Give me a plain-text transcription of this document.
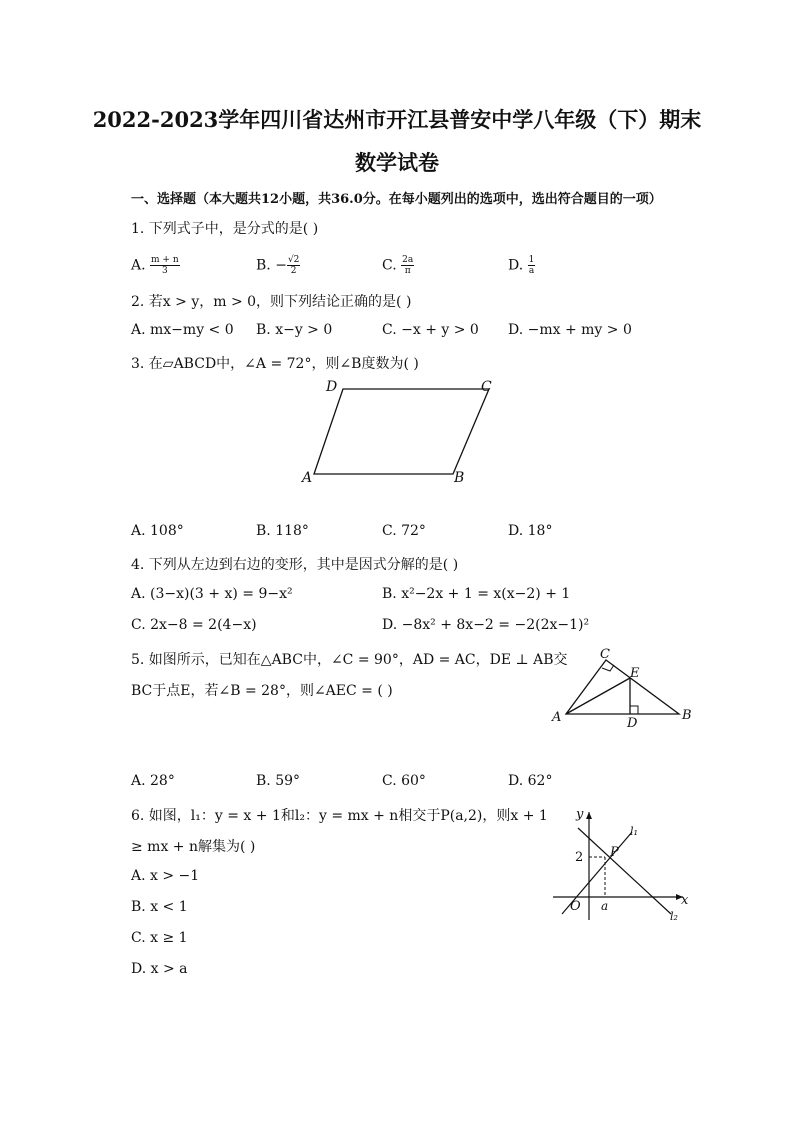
2022-2023学年四川省达州市开江县普安中学八年级（下）期末
数学试卷
一、选择题（本大题共12小题，共36.0分。在每小题列出的选项中，选出符合题目的一项）
1. 下列式子中，是分式的是( )
A. $\frac{m + n}{3}$	B. − $\frac{√2}{2}$	C. $\frac{2a}{\pi}$	D. $\frac{1}{a}$
2. 若x > y，m > 0，则下列结论正确的是( )
A. mx−my < 0 B. x−y > 0	C. −x + y > 0 D. −mx + my > 0
3. 在▱ABCD中，∠A = 72°，则∠B度数为( )
A	B
C
D
A. 108°	B. 118°	C. 72°	D. 18°
4. 下列从左边到右边的变形，其中是因式分解的是( )
A. (3−x)(3 + x) = 9−x²	B. x²−2x + 1 = x(x−2) + 1
C. 2x−8 = 2(4−x)	D. −8x² + 8x−2 = −2(2x−1)²
5. 如图所示，已知在△ABC中，∠C = 90°，AD = AC，DE ⊥ AB交
BC于点E，若∠B = 28°，则∠AEC = ( )
A	B
C
D
E
A. 28°	B. 59°	C. 60°	D. 62°
6. 如图，l₁：y = x + 1和l₂：y = mx + n相交于P(a,2)，则x + 1
≥ mx + n解集为( )
y
x
O a
2 P
l₁
l₂
A. x > −1
B. x < 1
C. x ≥ 1
D. x > a
